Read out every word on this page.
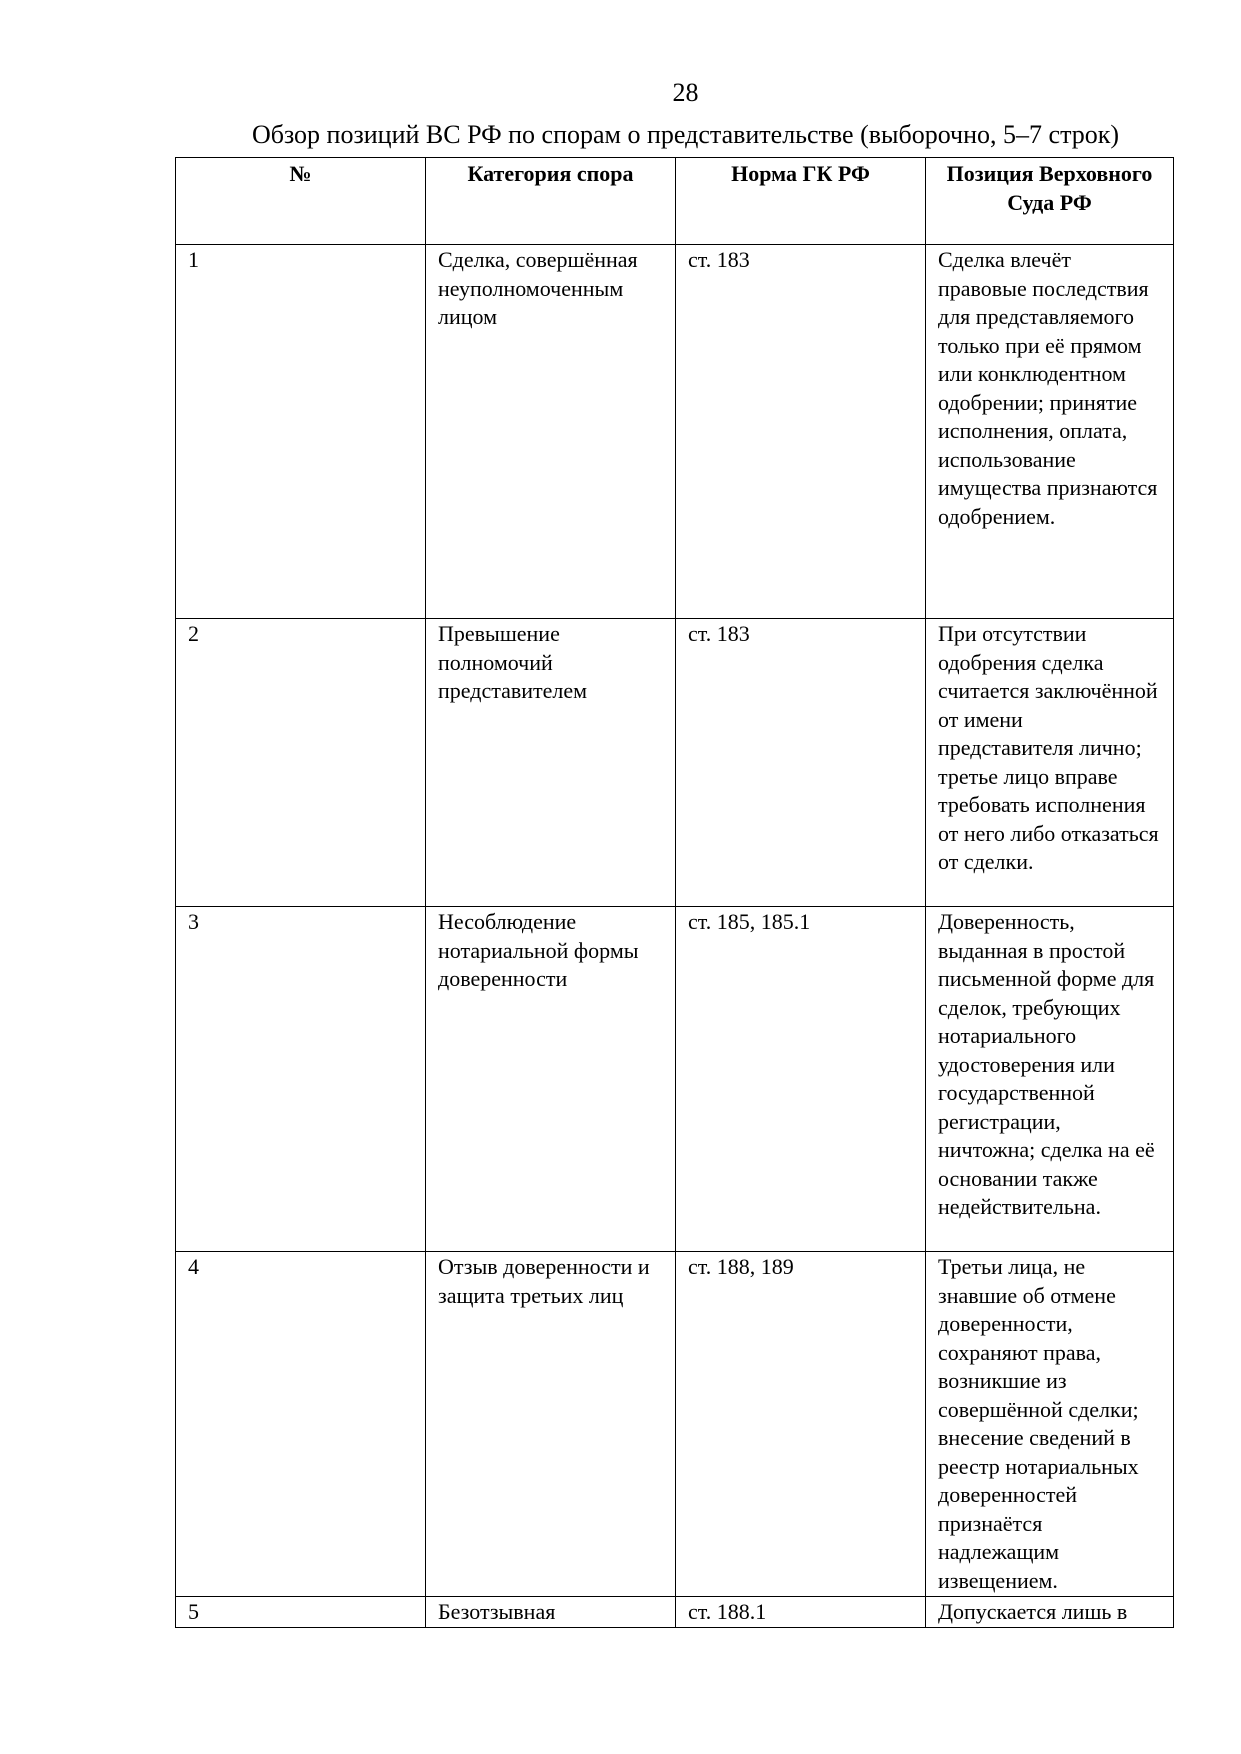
28
Обзор позиций ВС РФ по спорам о представительстве (выборочно, 5–7 строк)
№	Категория спора	Норма ГК РФ	Позиция Верховного Суда РФ
1	Сделка, совершённая неуполномоченным лицом	ст. 183	Сделка влечёт правовые последствия для представляемого только при её прямом или конклюдентном одобрении; принятие исполнения, оплата, использование имущества признаются одобрением.
2	Превышение полномочий представителем	ст. 183	При отсутствии одобрения сделка считается заключённой от имени представителя лично; третье лицо вправе требовать исполнения от него либо отказаться от сделки.
3	Несоблюдение нотариальной формы доверенности	ст. 185, 185.1	Доверенность, выданная в простой письменной форме для сделок, требующих нотариального удостоверения или государственной регистрации, ничтожна; сделка на её основании также недействительна.
4	Отзыв доверенности и защита третьих лиц	ст. 188, 189	Третьи лица, не знавшие об отмене доверенности, сохраняют права, возникшие из совершённой сделки; внесение сведений в реестр нотариальных доверенностей признаётся надлежащим извещением.
5	Безотзывная	ст. 188.1	Допускается лишь в
